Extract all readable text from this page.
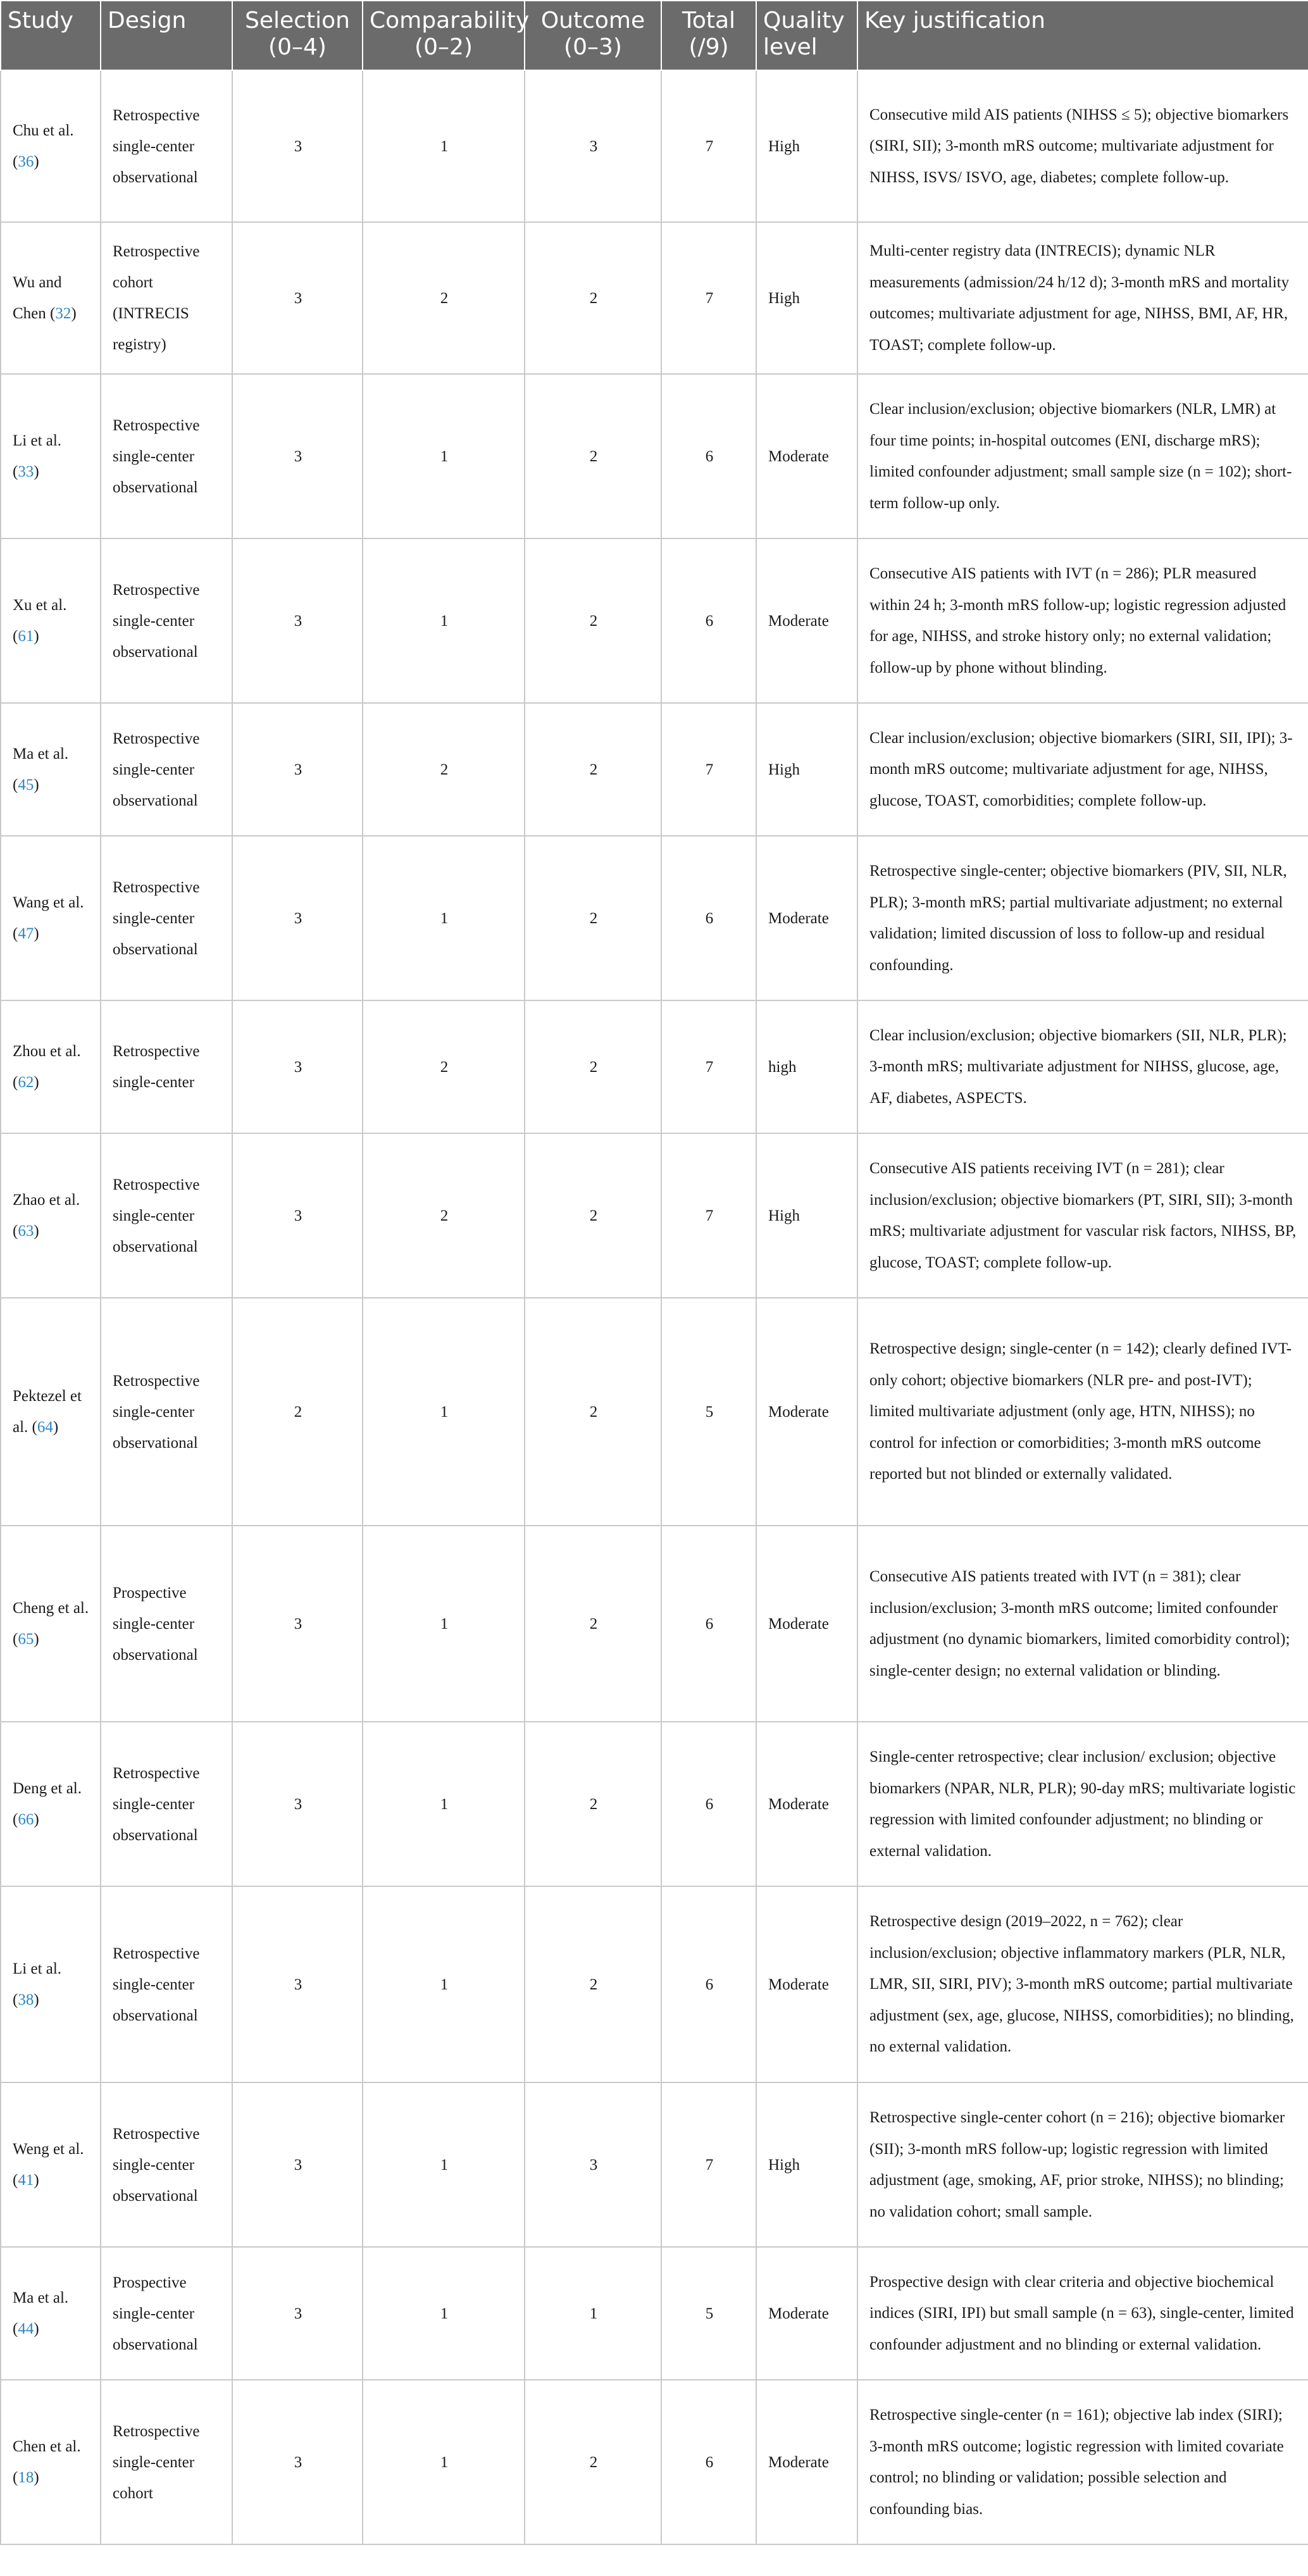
Study	Design	Selection (0–4)	Comparability (0–2)	Outcome (0–3)	Total (/9)	Quality level	Key justification
Chu et al. (36)	Retrospective single-center observational	3	1	3	7	High	Consecutive mild AIS patients (NIHSS ≤ 5); objective biomarkers (SIRI, SII); 3-month mRS outcome; multivariate adjustment for NIHSS, ISVS/ ISVO, age, diabetes; complete follow-up.
Wu and Chen (32)	Retrospective cohort (INTRECIS registry)	3	2	2	7	High	Multi-center registry data (INTRECIS); dynamic NLR measurements (admission/24 h/12 d); 3-month mRS and mortality outcomes; multivariate adjustment for age, NIHSS, BMI, AF, HR, TOAST; complete follow-up.
Li et al. (33)	Retrospective single-center observational	3	1	2	6	Moderate	Clear inclusion/exclusion; objective biomarkers (NLR, LMR) at four time points; in-hospital outcomes (ENI, discharge mRS); limited confounder adjustment; small sample size (n = 102); short-term follow-up only.
Xu et al. (61)	Retrospective single-center observational	3	1	2	6	Moderate	Consecutive AIS patients with IVT (n = 286); PLR measured within 24 h; 3-month mRS follow-up; logistic regression adjusted for age, NIHSS, and stroke history only; no external validation; follow-up by phone without blinding.
Ma et al. (45)	Retrospective single-center observational	3	2	2	7	High	Clear inclusion/exclusion; objective biomarkers (SIRI, SII, IPI); 3-month mRS outcome; multivariate adjustment for age, NIHSS, glucose, TOAST, comorbidities; complete follow-up.
Wang et al. (47)	Retrospective single-center observational	3	1	2	6	Moderate	Retrospective single-center; objective biomarkers (PIV, SII, NLR, PLR); 3-month mRS; partial multivariate adjustment; no external validation; limited discussion of loss to follow-up and residual confounding.
Zhou et al. (62)	Retrospective single-center	3	2	2	7	high	Clear inclusion/exclusion; objective biomarkers (SII, NLR, PLR); 3-month mRS; multivariate adjustment for NIHSS, glucose, age, AF, diabetes, ASPECTS.
Zhao et al. (63)	Retrospective single-center observational	3	2	2	7	High	Consecutive AIS patients receiving IVT (n = 281); clear inclusion/exclusion; objective biomarkers (PT, SIRI, SII); 3-month mRS; multivariate adjustment for vascular risk factors, NIHSS, BP, glucose, TOAST; complete follow-up.
Pektezel et al. (64)	Retrospective single-center observational	2	1	2	5	Moderate	Retrospective design; single-center (n = 142); clearly defined IVT-only cohort; objective biomarkers (NLR pre- and post-IVT); limited multivariate adjustment (only age, HTN, NIHSS); no control for infection or comorbidities; 3-month mRS outcome reported but not blinded or externally validated.
Cheng et al. (65)	Prospective single-center observational	3	1	2	6	Moderate	Consecutive AIS patients treated with IVT (n = 381); clear inclusion/exclusion; 3-month mRS outcome; limited confounder adjustment (no dynamic biomarkers, limited comorbidity control); single-center design; no external validation or blinding.
Deng et al. (66)	Retrospective single-center observational	3	1	2	6	Moderate	Single-center retrospective; clear inclusion/ exclusion; objective biomarkers (NPAR, NLR, PLR); 90-day mRS; multivariate logistic regression with limited confounder adjustment; no blinding or external validation.
Li et al. (38)	Retrospective single-center observational	3	1	2	6	Moderate	Retrospective design (2019–2022, n = 762); clear inclusion/exclusion; objective inflammatory markers (PLR, NLR, LMR, SII, SIRI, PIV); 3-month mRS outcome; partial multivariate adjustment (sex, age, glucose, NIHSS, comorbidities); no blinding, no external validation.
Weng et al. (41)	Retrospective single-center observational	3	1	3	7	High	Retrospective single-center cohort (n = 216); objective biomarker (SII); 3-month mRS follow-up; logistic regression with limited adjustment (age, smoking, AF, prior stroke, NIHSS); no blinding; no validation cohort; small sample.
Ma et al. (44)	Prospective single-center observational	3	1	1	5	Moderate	Prospective design with clear criteria and objective biochemical indices (SIRI, IPI) but small sample (n = 63), single-center, limited confounder adjustment and no blinding or external validation.
Chen et al. (18)	Retrospective single-center cohort	3	1	2	6	Moderate	Retrospective single-center (n = 161); objective lab index (SIRI); 3-month mRS outcome; logistic regression with limited covariate control; no blinding or validation; possible selection and confounding bias.
